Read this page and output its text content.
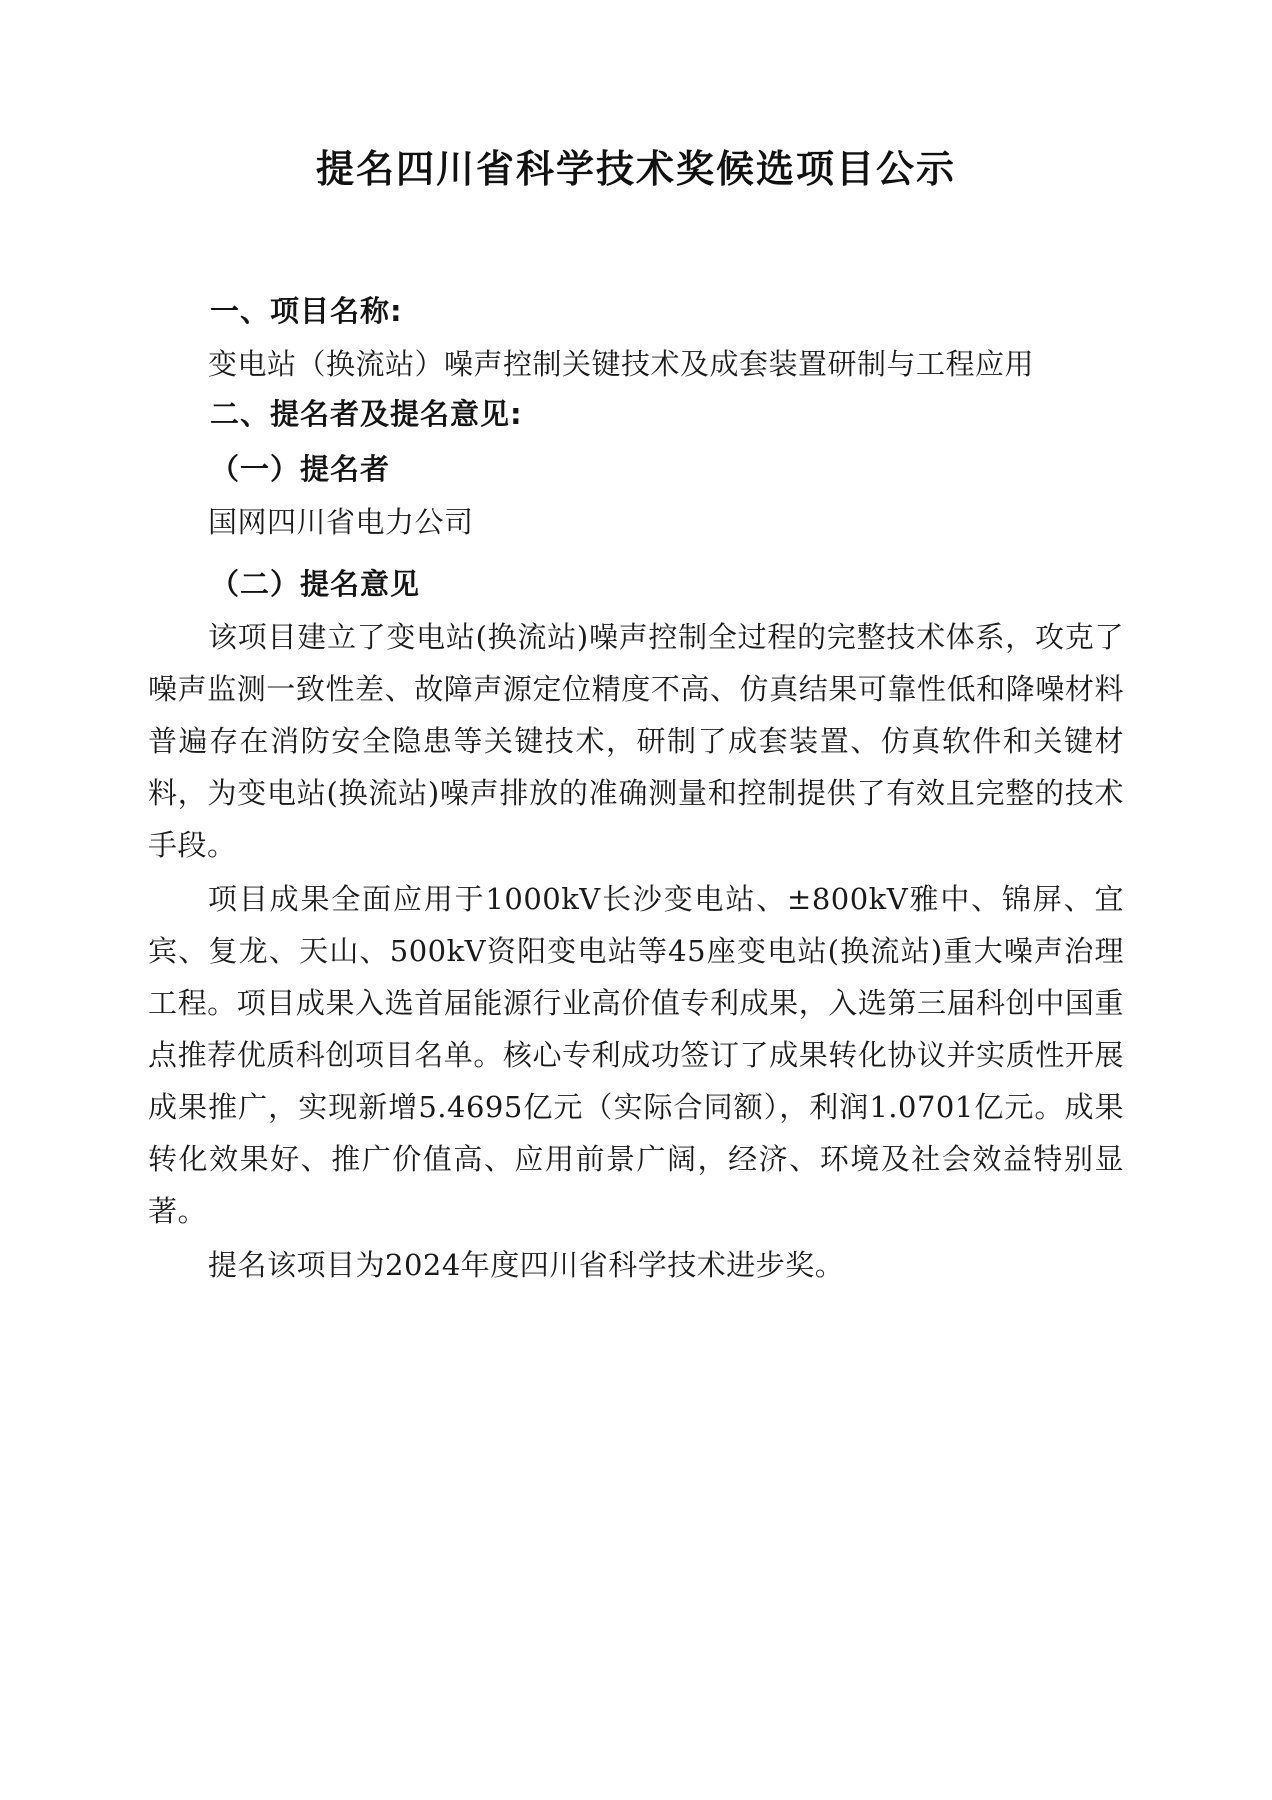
提名四川省科学技术奖候选项目公示
一、项目名称:

变电站（换流站）噪声控制关键技术及成套装置研制与工程应用

二、提名者及提名意见:
（一）提名者

国网四川省电力公司

（二）提名意见

该项目建立了变电站(换流站)噪声控制全过程的完整技术体系，攻克了噪声监测一致性差、故障声源定位精度不高、仿真结果可靠性低和降噪材料普遍存在消防安全隐患等关键技术，研制了成套装置、仿真软件和关键材料，为变电站(换流站)噪声排放的准确测量和控制提供了有效且完整的技术手段。

项目成果全面应用于1000kV长沙变电站、±800kV雅中、锦屏、宜宾、复龙、天山、500kV资阳变电站等45座变电站(换流站)重大噪声治理工程。项目成果入选首届能源行业高价值专利成果，入选第三届科创中国重点推荐优质科创项目名单。核心专利成功签订了成果转化协议并实质性开展成果推广，实现新增5.4695亿元（实际合同额），利润1.0701亿元。成果转化效果好、推广价值高、应用前景广阔，经济、环境及社会效益特别显著。

提名该项目为2024年度四川省科学技术进步奖。
